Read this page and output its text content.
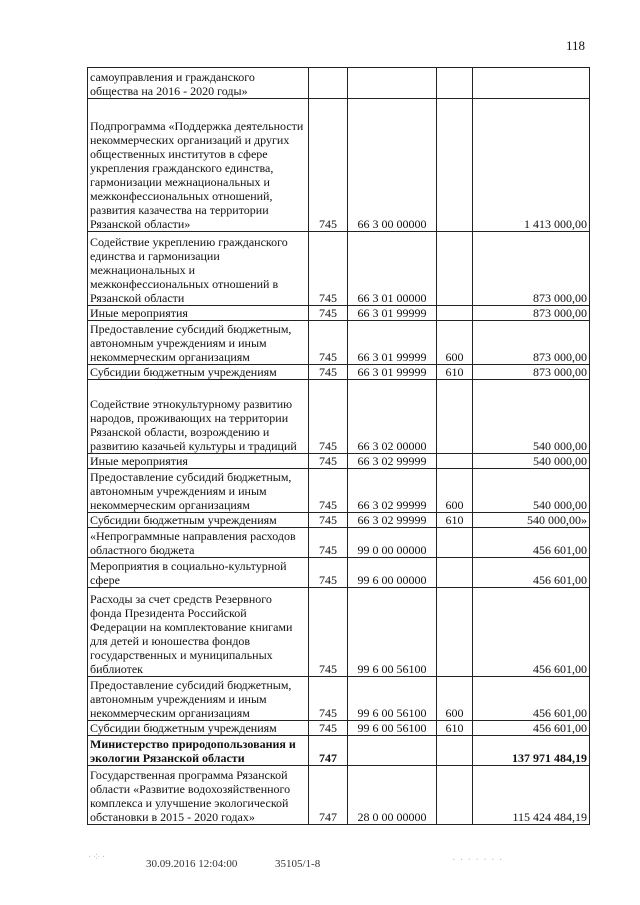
118
самоуправления и гражданского общества на 2016 - 2020 годы»				
Подпрограмма «Поддержка деятельности некоммерческих организаций и других общественных институтов в сфере укрепления гражданского единства, гармонизации межнациональных и межконфессиональных отношений, развития казачества на территории Рязанской области»	745	66 3 00 00000		1 413 000,00
Содействие укреплению гражданского единства и гармонизации межнациональных и межконфессиональных отношений в Рязанской области	745	66 3 01 00000		873 000,00
Иные мероприятия	745	66 3 01 99999		873 000,00
Предоставление субсидий бюджетным, автономным учреждениям и иным некоммерческим организациям	745	66 3 01 99999	600	873 000,00
Субсидии бюджетным учреждениям	745	66 3 01 99999	610	873 000,00
Содействие этнокультурному развитию народов, проживающих на территории Рязанской области, возрождению и развитию казачьей культуры и традиций	745	66 3 02 00000		540 000,00
Иные мероприятия	745	66 3 02 99999		540 000,00
Предоставление субсидий бюджетным, автономным учреждениям и иным некоммерческим организациям	745	66 3 02 99999	600	540 000,00
Субсидии бюджетным учреждениям	745	66 3 02 99999	610	540 000,00»
«Непрограммные направления расходов областного бюджета	745	99 0 00 00000		456 601,00
Мероприятия в социально-культурной сфере	745	99 6 00 00000		456 601,00
Расходы за счет средств Резервного фонда Президента Российской Федерации на комплектование книгами для детей и юношества фондов государственных и муниципальных библиотек	745	99 6 00 56100		456 601,00
Предоставление субсидий бюджетным, автономным учреждениям и иным некоммерческим организациям	745	99 6 00 56100	600	456 601,00
Субсидии бюджетным учреждениям	745	99 6 00 56100	610	456 601,00
Министерство природопользования и экологии Рязанской области	747			137 971 484,19
Государственная программа Рязанской области «Развитие водохозяйственного комплекса и улучшение экологической обстановки в 2015 - 2020 годах»	747	28 0 00 00000		115 424 484,19
30.09.2016 12:04:00	35105/1-8
·⁘·	· · · · · · ·
